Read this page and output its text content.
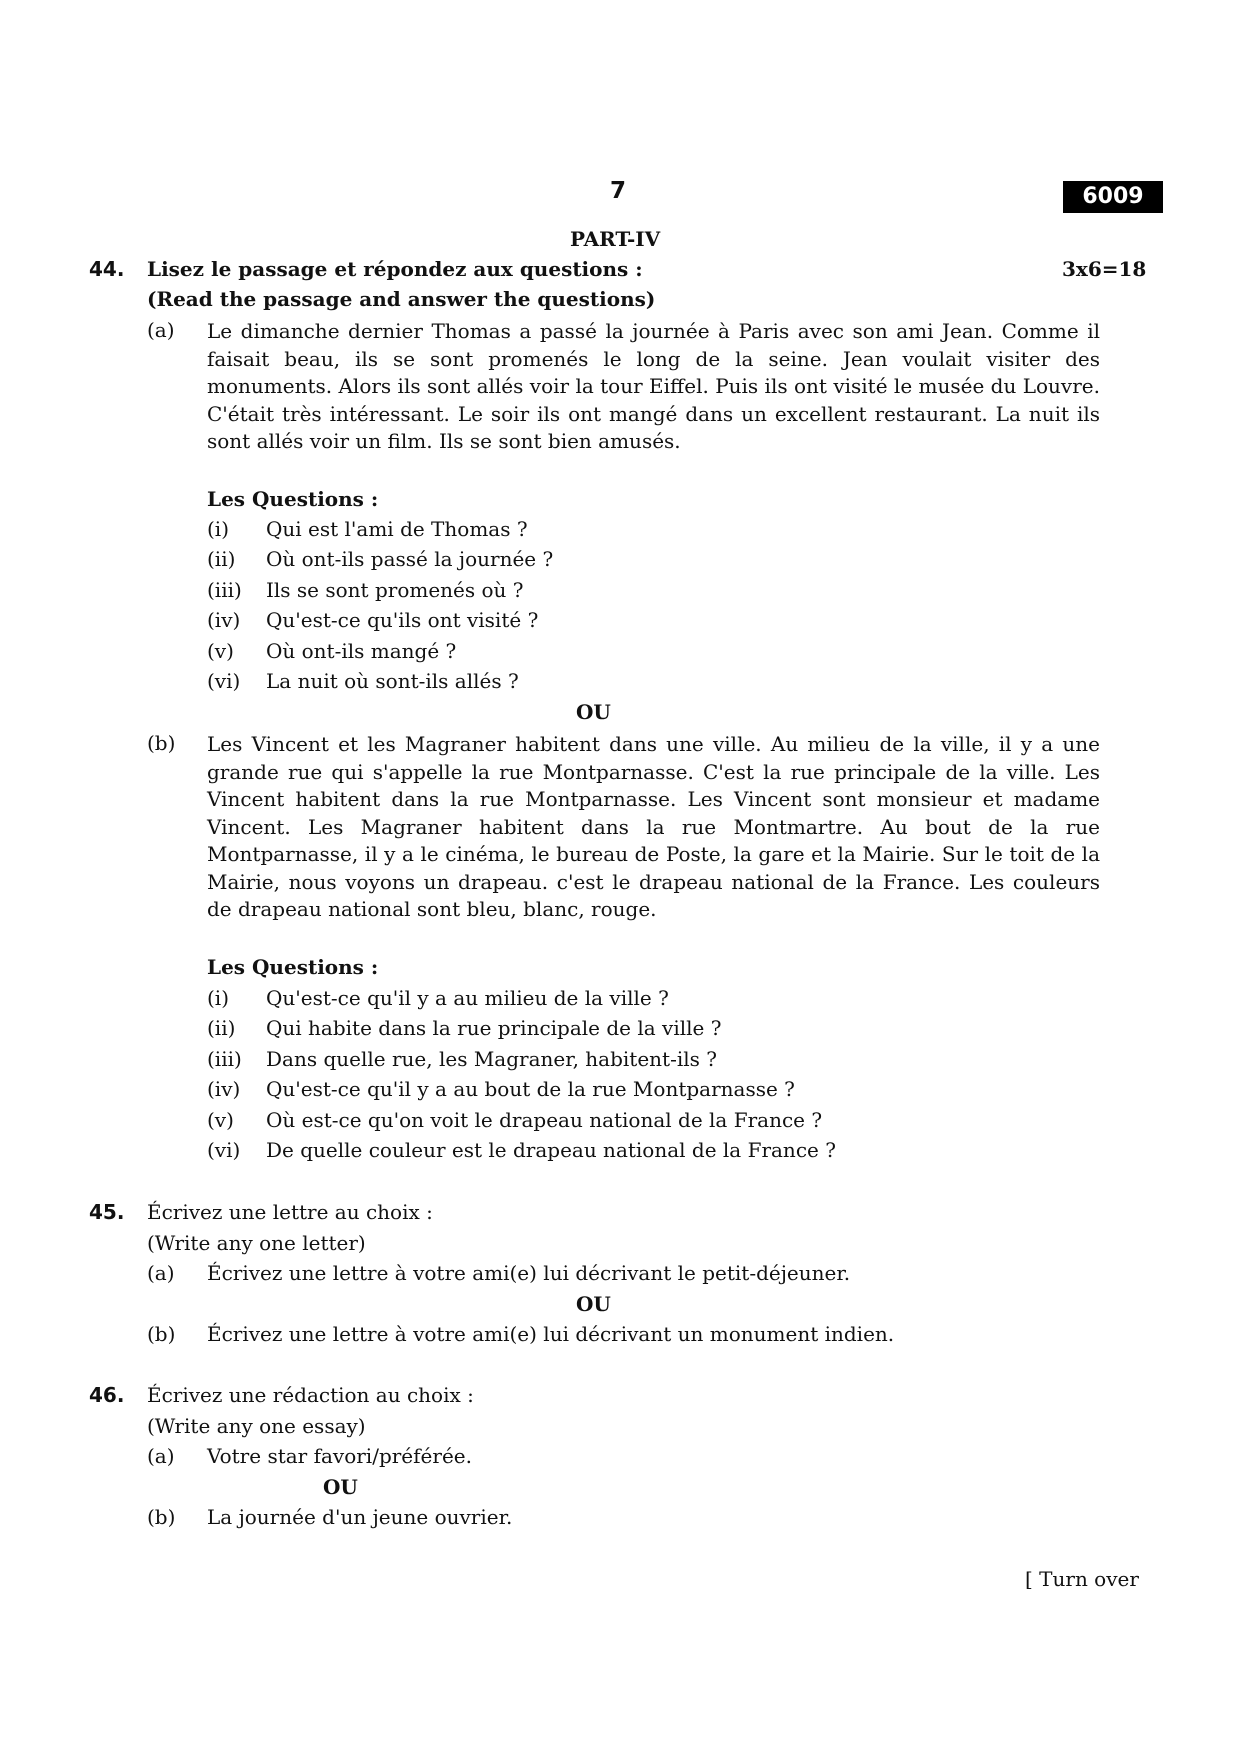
7	6009
PART-IV
44. Lisez le passage et répondez aux questions :	3x6=18
(Read the passage and answer the questions)
(a) Le dimanche dernier Thomas a passé la journée à Paris avec son ami Jean. Comme il faisait beau, ils se sont promenés le long de la seine. Jean voulait visiter des monuments. Alors ils sont allés voir la tour Eiffel. Puis ils ont visité le musée du Louvre. C'était très intéressant. Le soir ils ont mangé dans un excellent restaurant. La nuit ils sont allés voir un film. Ils se sont bien amusés.
Les Questions :
(i) Qui est l'ami de Thomas ?
(ii) Où ont-ils passé la journée ?
(iii) Ils se sont promenés où ?
(iv) Qu'est-ce qu'ils ont visité ?
(v) Où ont-ils mangé ?
(vi) La nuit où sont-ils allés ?
OU
(b) Les Vincent et les Magraner habitent dans une ville. Au milieu de la ville, il y a une grande rue qui s'appelle la rue Montparnasse. C'est la rue principale de la ville. Les Vincent habitent dans la rue Montparnasse. Les Vincent sont monsieur et madame Vincent. Les Magraner habitent dans la rue Montmartre. Au bout de la rue Montparnasse, il y a le cinéma, le bureau de Poste, la gare et la Mairie. Sur le toit de la Mairie, nous voyons un drapeau. c'est le drapeau national de la France. Les couleurs de drapeau national sont bleu, blanc, rouge.
Les Questions :
(i) Qu'est-ce qu'il y a au milieu de la ville ?
(ii) Qui habite dans la rue principale de la ville ?
(iii) Dans quelle rue, les Magraner, habitent-ils ?
(iv) Qu'est-ce qu'il y a au bout de la rue Montparnasse ?
(v) Où est-ce qu'on voit le drapeau national de la France ?
(vi) De quelle couleur est le drapeau national de la France ?
45. Écrivez une lettre au choix :
(Write any one letter)
(a) Écrivez une lettre à votre ami(e) lui décrivant le petit-déjeuner.
OU
(b) Écrivez une lettre à votre ami(e) lui décrivant un monument indien.
46. Écrivez une rédaction au choix :
(Write any one essay)
(a) Votre star favori/préférée.
OU
(b) La journée d'un jeune ouvrier.
[ Turn over
